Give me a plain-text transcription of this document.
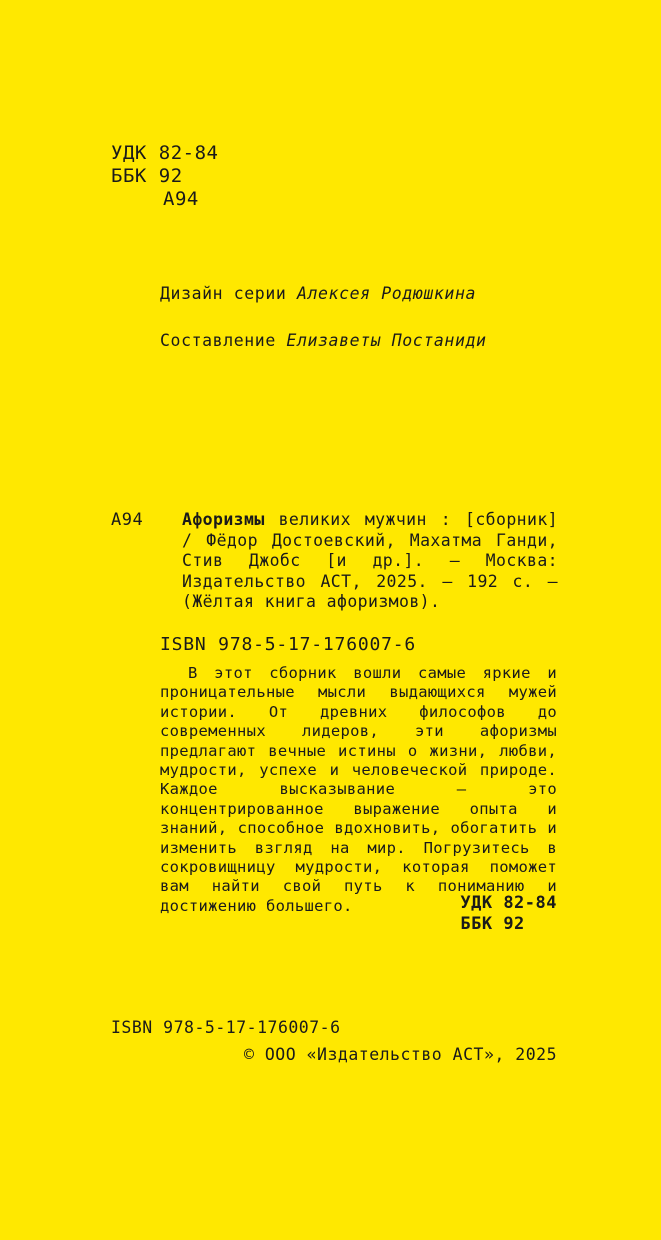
УДК 82-84
ББК 92
А94
Дизайн серии Алексея Родюшкина
Составление Елизаветы Постаниди
А94 Афоризмы великих мужчин : [сборник] / Фёдор Достоевский, Махатма Ганди, Стив Джобс [и др.]. — Москва: Издательство АСТ, 2025. — 192 с. — (Жёлтая книга афоризмов).
ISBN 978-5-17-176007-6
В этот сборник вошли самые яркие и проницательные мысли выдающихся мужей истории. От древних философов до современных лидеров, эти афоризмы предлагают вечные истины о жизни, любви, мудрости, успехе и человеческой природе. Каждое высказывание – это концентрированное выражение опыта и знаний, способное вдохновить, обогатить и изменить взгляд на мир. Погрузитесь в сокровищницу мудрости, которая поможет вам найти свой путь к пониманию и достижению большего.	УДК 82-84
ББК 92
ISBN 978-5-17-176007-6
© ООО «Издательство АСТ», 2025
